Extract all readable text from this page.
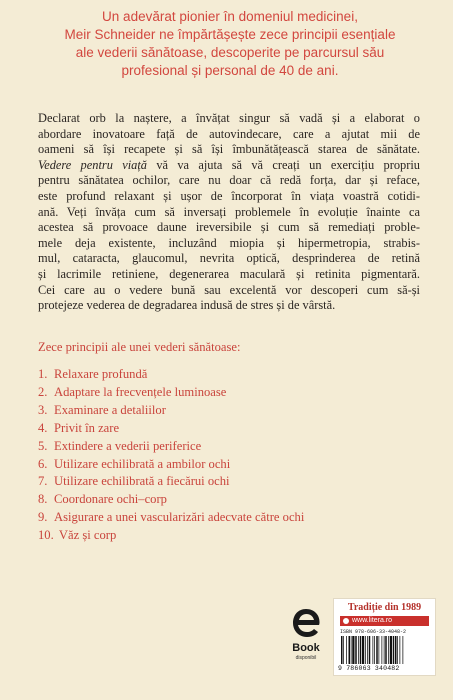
Un adevărat pionier în domeniul medicinei,
Meir Schneider ne împărtășește zece principii esențiale
ale vederii sănătoase, descoperite pe parcursul său
profesional și personal de 40 de ani.
Declarat orb la naștere, a învățat singur să vadă și a elaborat o
abordare inovatoare față de autovindecare, care a ajutat mii de
oameni să își recapete și să își îmbunătățească starea de sănătate.
Vedere pentru viață vă va ajuta să vă creați un exercițiu propriu
pentru sănătatea ochilor, care nu doar că redă forța, dar și reface,
este profund relaxant și ușor de încorporat în viața voastră cotidi-
ană. Veți învăța cum să inversați problemele în evoluție înainte ca
acestea să provoace daune ireversibile și cum să remediați proble-
mele deja existente, incluzând miopia și hipermetropia, strabis-
mul, cataracta, glaucomul, nevrita optică, desprinderea de retină
și lacrimile retiniene, degenerarea maculară și retinita pigmentară.
Cei care au o vedere bună sau excelentă vor descoperi cum să-și
protejeze vederea de degradarea indusă de stres și de vârstă.
Zece principii ale unei vederi sănătoase:
1. Relaxare profundă
2. Adaptare la frecvențele luminoase
3. Examinare a detaliilor
4. Privit în zare
5. Extindere a vederii periferice
6. Utilizare echilibrată a ambilor ochi
7. Utilizare echilibrată a fiecărui ochi
8. Coordonare ochi–corp
9. Asigurare a unei vascularizări adecvate către ochi
10. Văz și corp
Book
disponibil
Tradiție din 1989
www.litera.ro
ISBN 978-606-33-4048-2
9 786063 340482
